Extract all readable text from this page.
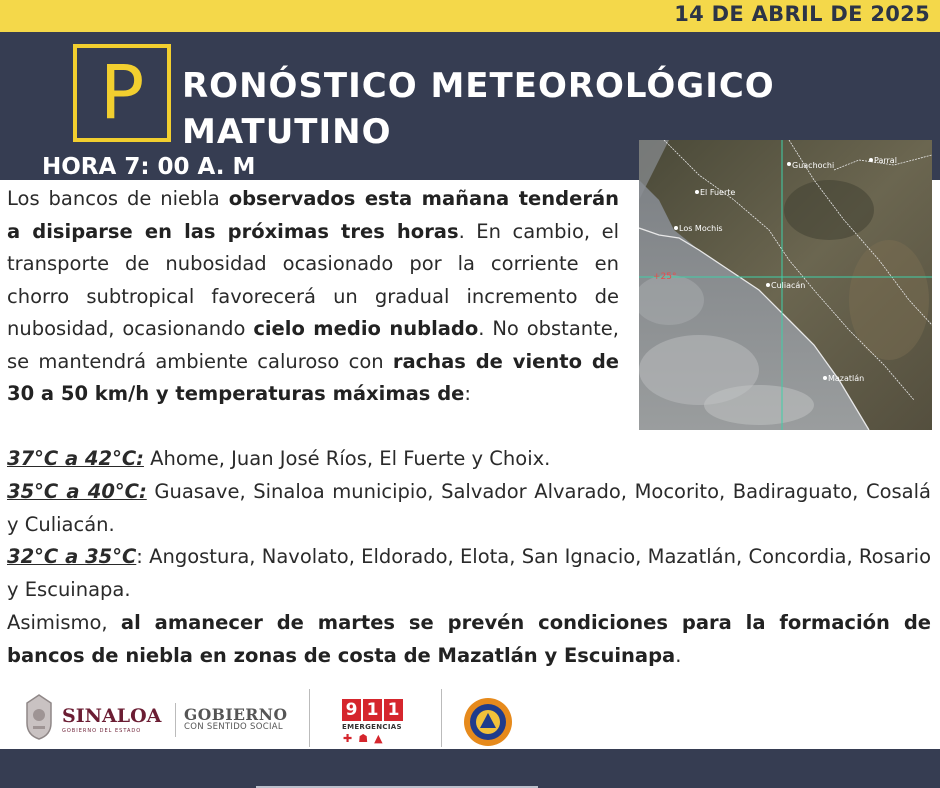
14 DE ABRIL DE 2025
P	RONÓSTICO METEOROLÓGICO
MATUTINO
HORA 7: 00 A. M	Guachochi
Parral
El Fuerte
Los Mochis
+25°
Culiacán
Mazatlán
Los bancos de niebla observados esta mañana tenderán a disiparse en las próximas tres horas. En cambio, el transporte de nubosidad ocasionado por la corriente en chorro subtropical favorecerá un gradual incremento de nubosidad, ocasionando cielo medio nublado. No obstante, se mantendrá ambiente caluroso con rachas de viento de 30 a 50 km/h y temperaturas máximas de:
37°C a 42°C: Ahome, Juan José Ríos, El Fuerte y Choix.
35°C a 40°C: Guasave, Sinaloa municipio, Salvador Alvarado, Mocorito, Badiraguato, Cosalá y Culiacán.
32°C a 35°C: Angostura, Navolato, Eldorado, Elota, San Ignacio, Mazatlán, Concordia, Rosario y Escuinapa.
Asimismo, al amanecer de martes se prevén condiciones para la formación de bancos de niebla en zonas de costa de Mazatlán y Escuinapa.
SINALOA
GOBIERNO DEL ESTADO
GOBIERNO
CON SENTIDO SOCIAL
9 1 1
EMERGENCIAS
✚☗▲
